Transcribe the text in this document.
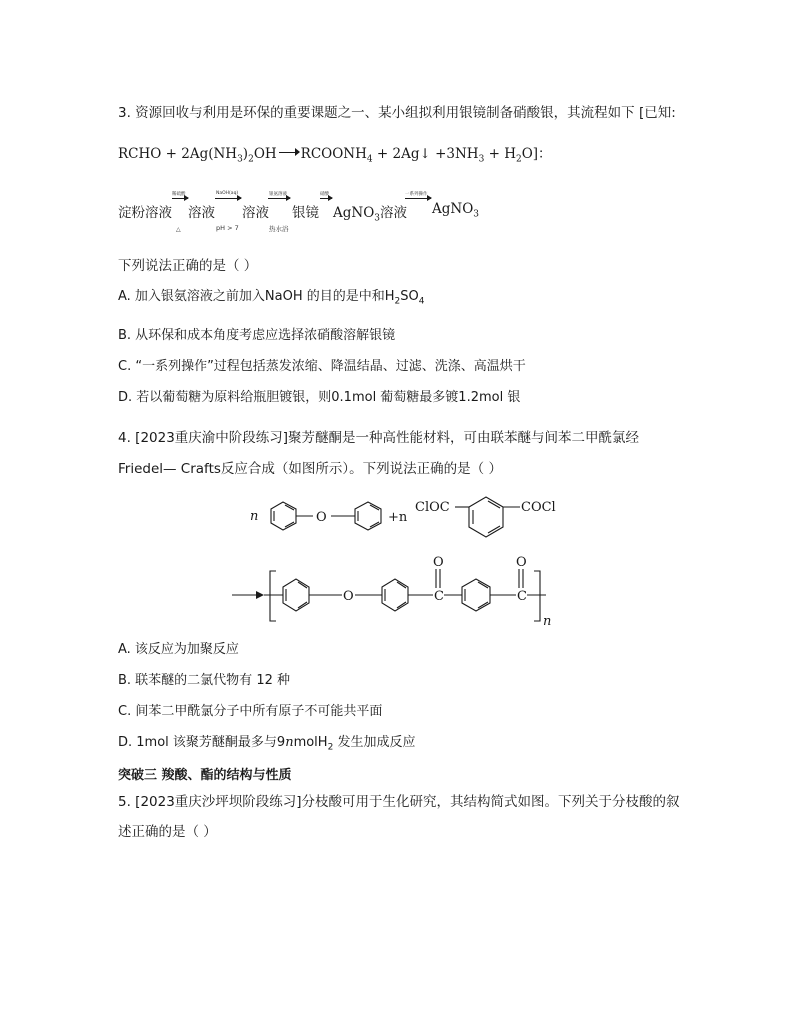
3. 资源回收与利用是环保的重要课题之一、某小组拟利用银镜制备硝酸银，其流程如下 [已知:
RCHO + $2Ag(NH_3)_2OH$ $RCOONH_4$ + 2Ag↓ $+3NH_3 + H_2O$]：
淀粉溶液
稀硫酸
△
溶液
NaOH(aq)
pH > 7
溶液
银氨溶液
热水浴
银镜
硝酸
AgNO$_3$溶液
一系列操作
AgNO$_3$
下列说法正确的是（ ）
A. 加入银氨溶液之前加入NaOH 的目的是中和$H_2SO_4$
B. 从环保和成本角度考虑应选择浓硝酸溶解银镜
C. “一系列操作”过程包括蒸发浓缩、降温结晶、过滤、洗涤、高温烘干
D. 若以葡萄糖为原料给瓶胆镀银，则0.1mol 葡萄糖最多镀1.2mol 银
4. [2023重庆渝中阶段练习]聚芳醚酮是一种高性能材料，可由联苯醚与间苯二甲酰氯经
Friedel— Crafts反应合成（如图所示）。下列说法正确的是（ ）
n	O	+n
ClOC	COCl
O
O
C
O
C
n
A. 该反应为加聚反应
B. 联苯醚的二氯代物有 12 种
C. 间苯二甲酰氯分子中所有原子不可能共平面
D. 1mol 该聚芳醚酮最多与9nmolH$_2$ 发生加成反应
突破三 羧酸、酯的结构与性质
5. [2023重庆沙坪坝阶段练习]分枝酸可用于生化研究，其结构简式如图。下列关于分枝酸的叙
述正确的是（ ）
